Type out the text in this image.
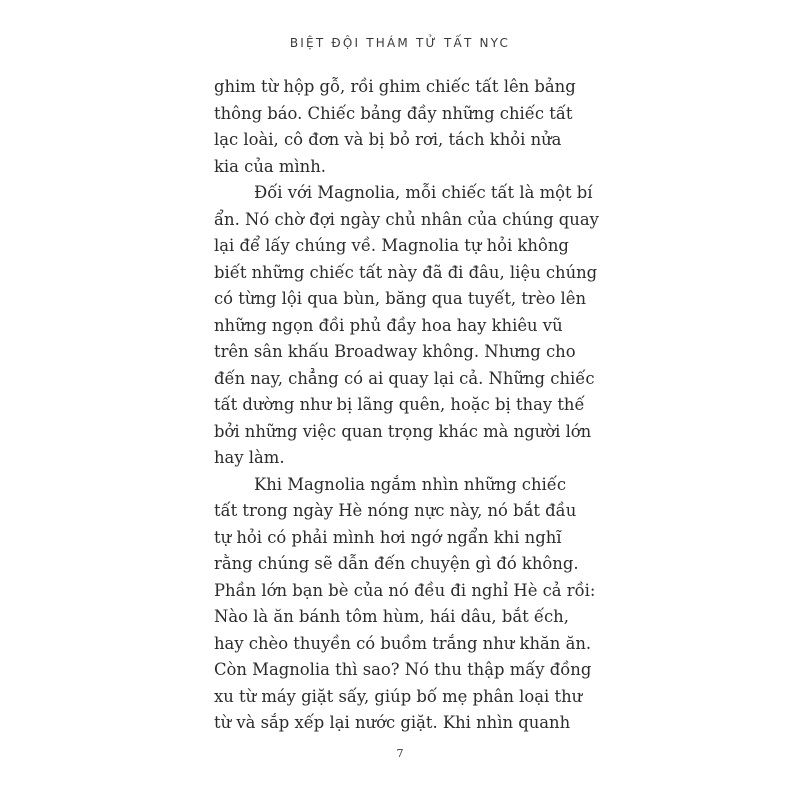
BIỆT ĐỘI THÁM TỬ TẤT NYC
ghim từ hộp gỗ, rồi ghim chiếc tất lên bảng
thông báo. Chiếc bảng đầy những chiếc tất
lạc loài, cô đơn và bị bỏ rơi, tách khỏi nửa
kia của mình.
Đối với Magnolia, mỗi chiếc tất là một bí
ẩn. Nó chờ đợi ngày chủ nhân của chúng quay
lại để lấy chúng về. Magnolia tự hỏi không
biết những chiếc tất này đã đi đâu, liệu chúng
có từng lội qua bùn, băng qua tuyết, trèo lên
những ngọn đồi phủ đầy hoa hay khiêu vũ
trên sân khấu Broadway không. Nhưng cho
đến nay, chẳng có ai quay lại cả. Những chiếc
tất dường như bị lãng quên, hoặc bị thay thế
bởi những việc quan trọng khác mà người lớn
hay làm.
Khi Magnolia ngắm nhìn những chiếc
tất trong ngày Hè nóng nực này, nó bắt đầu
tự hỏi có phải mình hơi ngớ ngẩn khi nghĩ
rằng chúng sẽ dẫn đến chuyện gì đó không.
Phần lớn bạn bè của nó đều đi nghỉ Hè cả rồi:
Nào là ăn bánh tôm hùm, hái dâu, bắt ếch,
hay chèo thuyền có buồm trắng như khăn ăn.
Còn Magnolia thì sao? Nó thu thập mấy đồng
xu từ máy giặt sấy, giúp bố mẹ phân loại thư
từ và sắp xếp lại nước giặt. Khi nhìn quanh
7
